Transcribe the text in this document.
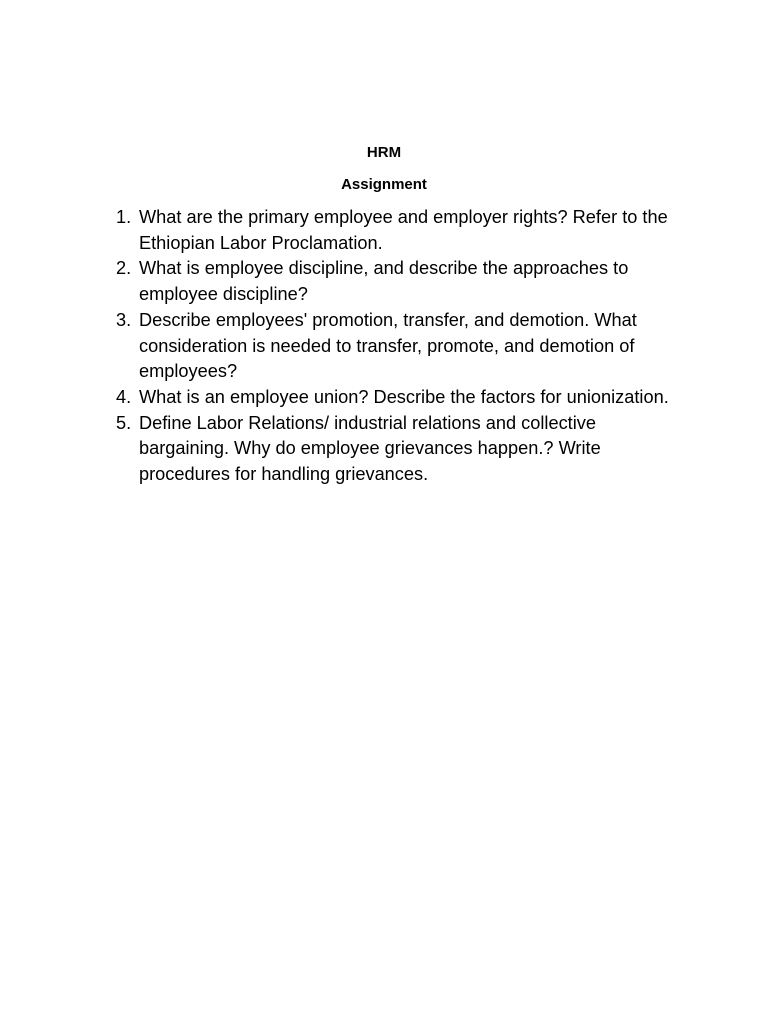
HRM
Assignment
1. What are the primary employee and employer rights? Refer to the Ethiopian Labor Proclamation.
2. What is employee discipline, and describe the approaches to employee discipline?
3. Describe employees' promotion, transfer, and demotion. What consideration is needed to transfer, promote, and demotion of employees?
4. What is an employee union? Describe the factors for unionization.
5. Define Labor Relations/ industrial relations and collective bargaining. Why do employee grievances happen.? Write procedures for handling grievances.
